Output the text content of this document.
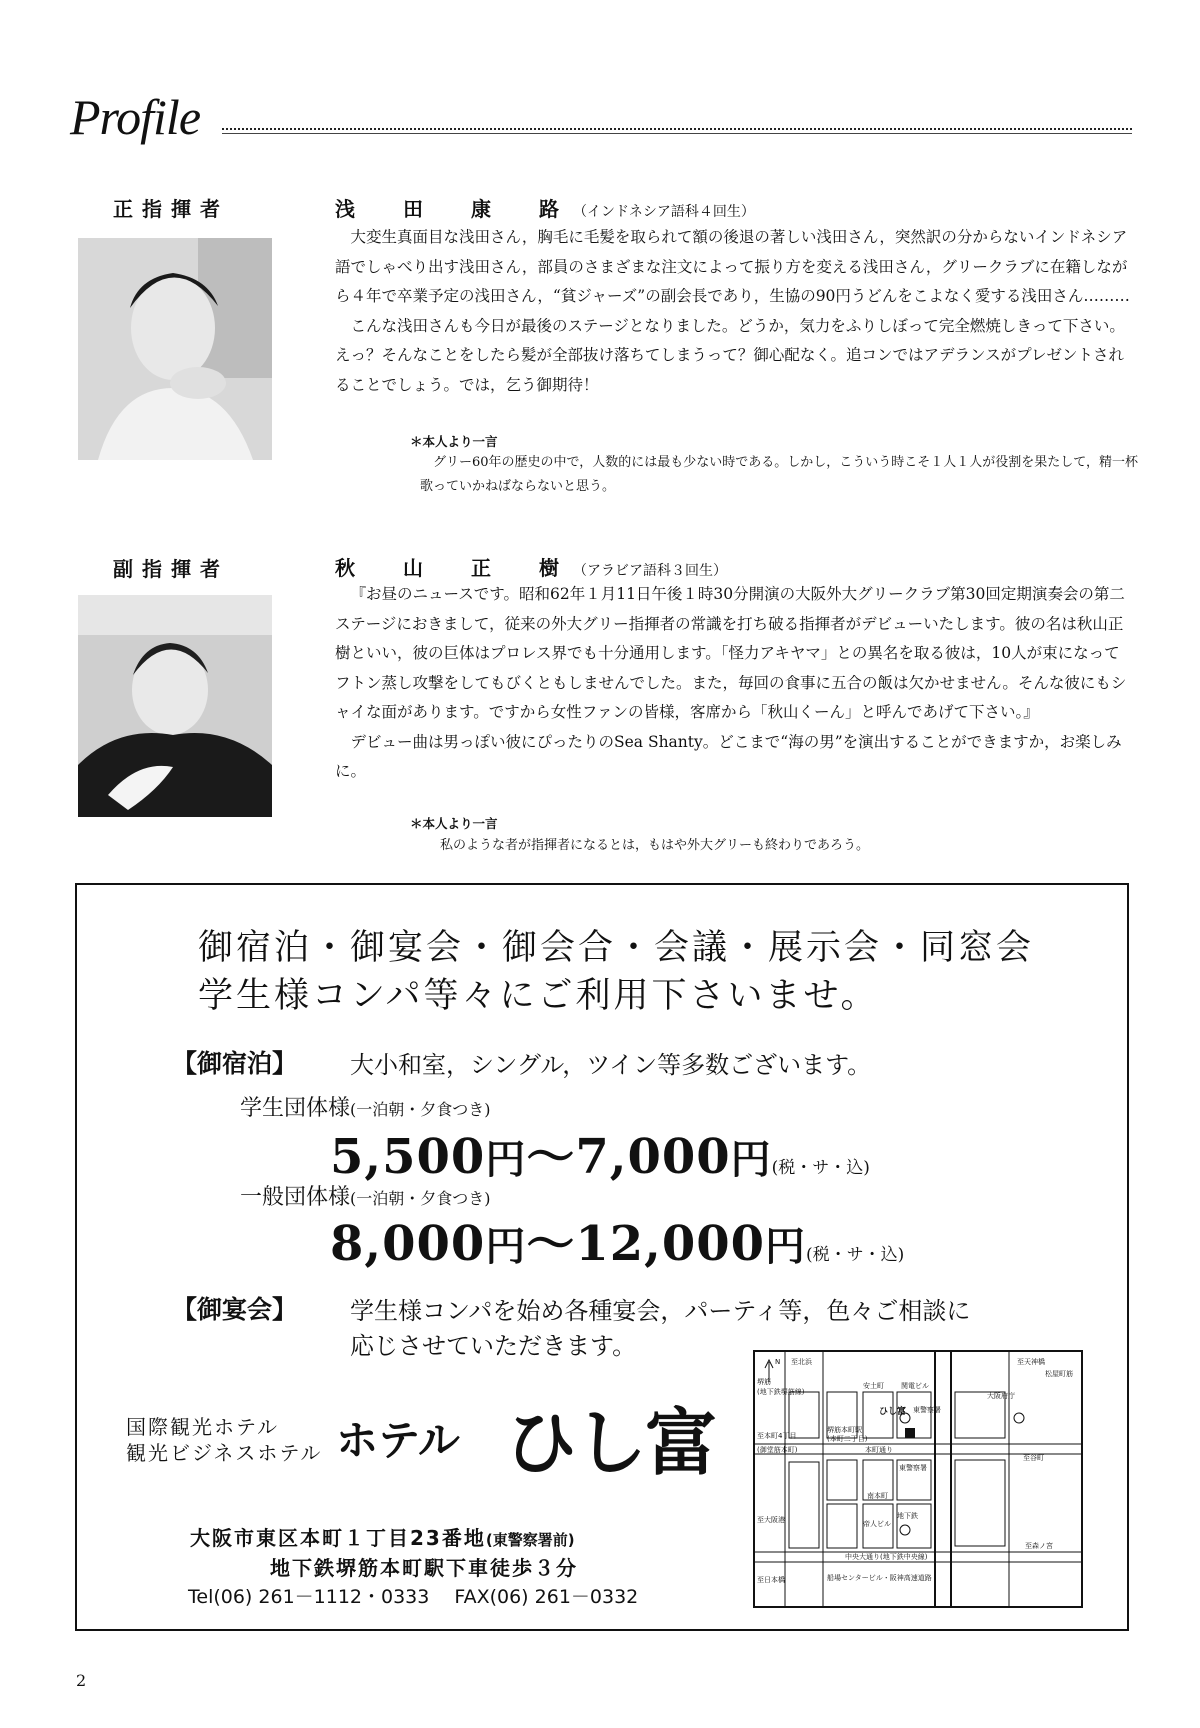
Profile
正指揮者	浅　田　康　路（インドネシア語科４回生）

大変生真面目な浅田さん，胸毛に毛髪を取られて額の後退の著しい浅田さん，突然訳の分からないインドネシア語でしゃべり出す浅田さん，部員のさまざまな注文によって振り方を変える浅田さん，グリークラブに在籍しながら４年で卒業予定の浅田さん，“貧ジャーズ”の副会長であり，生協の90円うどんをこよなく愛する浅田さん………

こんな浅田さんも今日が最後のステージとなりました。どうか，気力をふりしぼって完全燃焼しきって下さい。えっ？そんなことをしたら髪が全部抜け落ちてしまうって？御心配なく。追コンではアデランスがプレゼントされることでしょう。では，乞う御期待！

＊本人より一言
グリー60年の歴史の中で，人数的には最も少ない時である。しかし，こういう時こそ１人１人が役割を果たして，精一杯歌っていかねばならないと思う。
副指揮者	秋　山　正　樹（アラビア語科３回生）

『お昼のニュースです。昭和62年１月11日午後１時30分開演の大阪外大グリークラブ第30回定期演奏会の第二ステージにおきまして，従来の外大グリー指揮者の常識を打ち破る指揮者がデビューいたします。彼の名は秋山正樹といい，彼の巨体はプロレス界でも十分通用します。「怪力アキヤマ」との異名を取る彼は，10人が束になってフトン蒸し攻撃をしてもびくともしませんでした。また，毎回の食事に五合の飯は欠かせません。そんな彼にもシャイな面があります。ですから女性ファンの皆様，客席から「秋山くーん」と呼んであげて下さい。』

デビュー曲は男っぽい彼にぴったりのSea Shanty。どこまで“海の男”を演出することができますか，お楽しみに。

＊本人より一言
私のような者が指揮者になるとは，もはや外大グリーも終わりであろう。
御宿泊・御宴会・御会合・会議・展示会・同窓会
学生様コンパ等々にご利用下さいませ。
【御宿泊】 大小和室，シングル，ツイン等多数ございます。
学生団体様(一泊朝・夕食つき)
5,500円～7,000円(税・サ・込)
一般団体様(一泊朝・夕食つき)
8,000円～12,000円(税・サ・込)
【御宴会】 学生様コンパを始め各種宴会，パーティ等，色々ご相談に
応じさせていただきます。
国際観光ホテル
観光ビジネスホテル ホテル ひし富
大阪市東区本町１丁目23番地(東警察署前)
地下鉄堺筋本町駅下車徒歩３分
Tel(06) 261－1112・0333　 FAX(06) 261－0332
N 至北浜	至天神橋
松屋町筋
堺筋
(地下鉄堺筋線)
安土町 関電ビル
ひし富 東警察署
至本町4丁目
(御堂筋本町)
堺筋本町駅
(本町二丁目)
本町通り
東警察署
南本町
帝人ビル
地下鉄
至大阪港
中央大通り(地下鉄中央線)
至森ノ宮
至日本橋	船場センタービル・阪神高速道路
大阪府庁
至谷町
2
